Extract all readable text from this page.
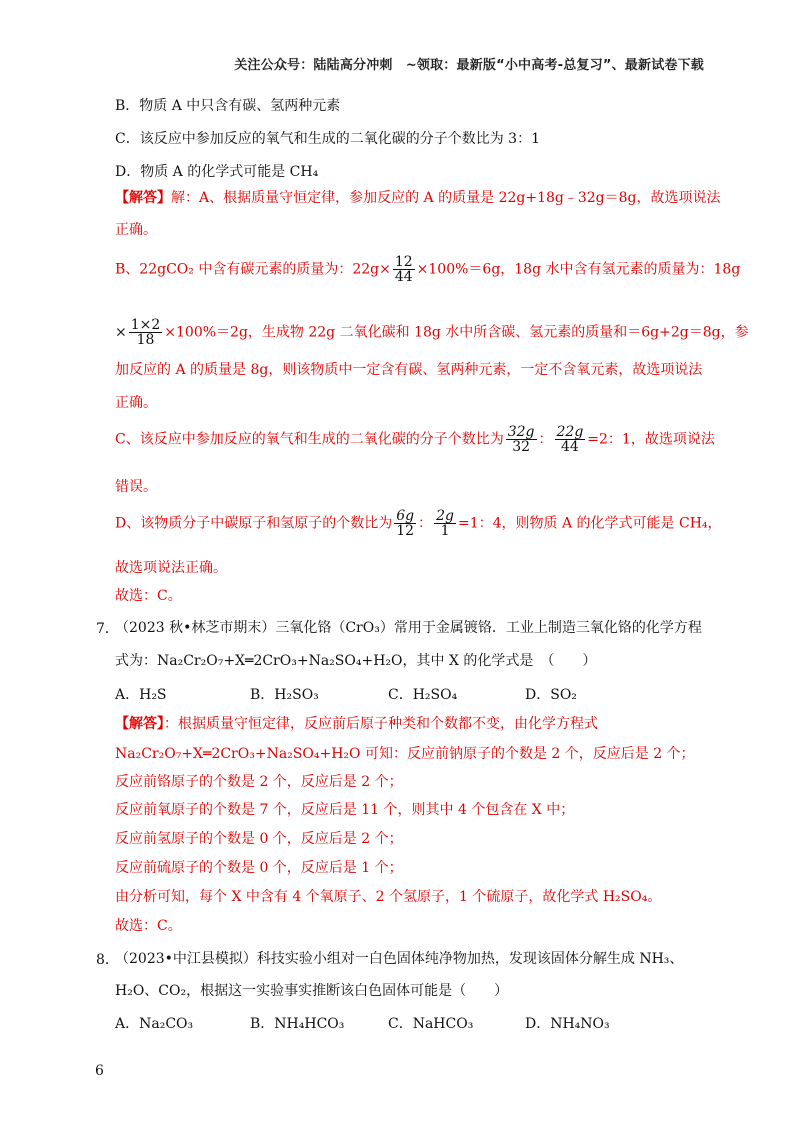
关注公众号：陆陆高分冲刺　~领取：最新版“小中高考-总复习”、最新试卷下载
B．物质 A 中只含有碳、氢两种元素
C．该反应中参加反应的氧气和生成的二氧化碳的分子个数比为 3：1
D．物质 A 的化学式可能是 CH₄
【解答】解：A、根据质量守恒定律，参加反应的 A 的质量是 22g+18g﹣32g＝8g，故选项说法
正确。
B、22gCO₂ 中含有碳元素的质量为：$22g\times \frac{12}{44} \times 100\%=6g$，18g 水中含有氢元素的质量为：18g
× $\frac{1\times 2}{18} \times 100\%=2g$，生成物 22g 二氧化碳和 18g 水中所含碳、氢元素的质量和＝6g+2g＝8g，参
加反应的 A 的质量是 8g，则该物质中一定含有碳、氢两种元素，一定不含氧元素，故选项说法
正确。
C、该反应中参加反应的氧气和生成的二氧化碳的分子个数比为 $\frac{32g}{32}$ ： $\frac{22g}{44} =2$：1，故选项说法
错误。
D、该物质分子中碳原子和氢原子的个数比为 $\frac{6g}{12}$ ： $\frac{2g}{1} =1$：4，则物质 A 的化学式可能是 CH₄，
故选项说法正确。
故选：C。
7．
（2023 秋•林芝市期末）三氧化铬（CrO₃）常用于金属镀铬．工业上制造三氧化铬的化学方程
式为：Na₂Cr₂O₇+X═2CrO₃+Na₂SO₄+H₂O，其中 X 的化学式是　（　　）
A．H₂S	B．H₂SO₃	C．H₂SO₄	D．SO₂
【解答】：根据质量守恒定律，反应前后原子种类和个数都不变，由化学方程式
Na₂Cr₂O₇+X═2CrO₃+Na₂SO₄+H₂O 可知：反应前钠原子的个数是 2 个，反应后是 2 个；
反应前铬原子的个数是 2 个，反应后是 2 个；
反应前氧原子的个数是 7 个，反应后是 11 个，则其中 4 个包含在 X 中；
反应前氢原子的个数是 0 个，反应后是 2 个；
反应前硫原子的个数是 0 个，反应后是 1 个；
由分析可知，每个 X 中含有 4 个氧原子、2 个氢原子，1 个硫原子，故化学式 H₂SO₄。
故选：C。
8．
（2023•中江县模拟）科技实验小组对一白色固体纯净物加热，发现该固体分解生成 NH₃、
H₂O、CO₂，根据这一实验事实推断该白色固体可能是（　　）
A．Na₂CO₃	B．NH₄HCO₃	C．NaHCO₃	D．NH₄NO₃
6
